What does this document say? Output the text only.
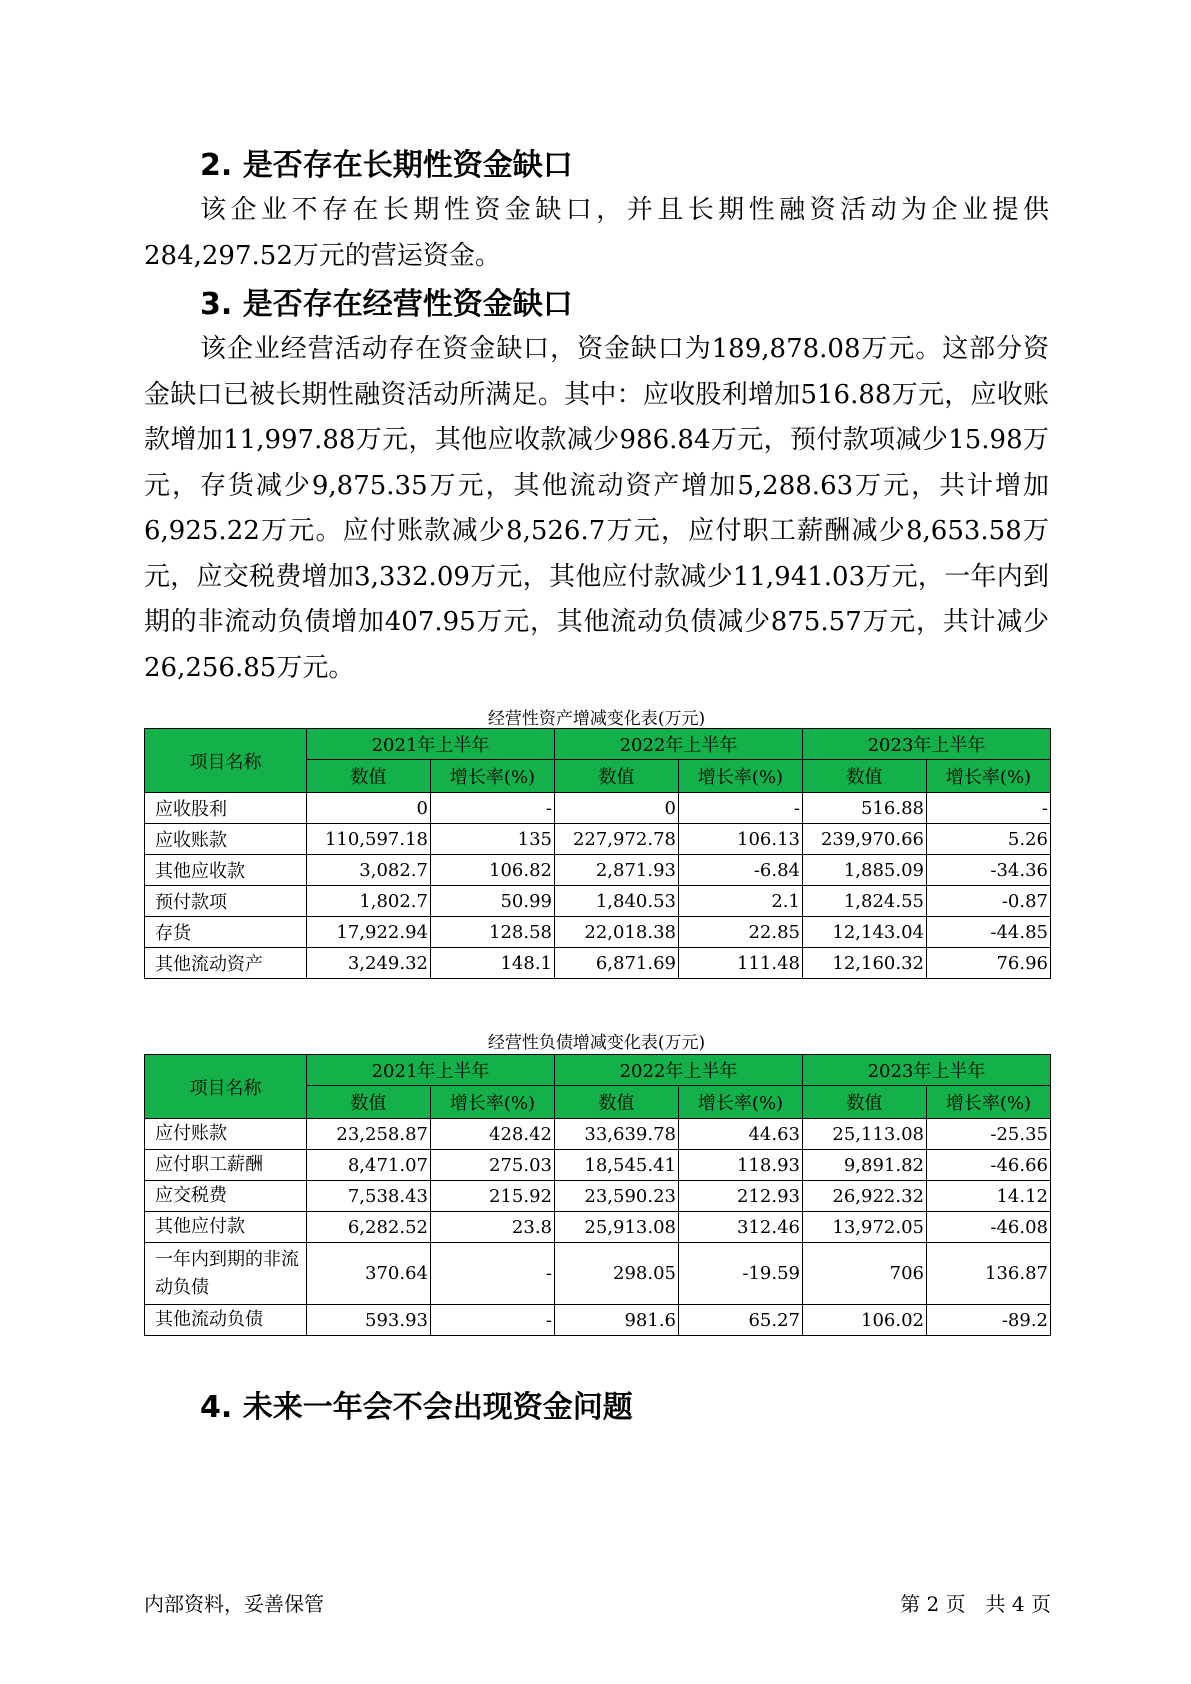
2. 是否存在长期性资金缺口

该企业不存在长期性资金缺口，并且长期性融资活动为企业提供284,297.52万元的营运资金。

3. 是否存在经营性资金缺口

该企业经营活动存在资金缺口，资金缺口为189,878.08万元。这部分资金缺口已被长期性融资活动所满足。其中：应收股利增加516.88万元，应收账款增加11,997.88万元，其他应收款减少986.84万元，预付款项减少15.98万元，存货减少9,875.35万元，其他流动资产增加5,288.63万元，共计增加6,925.22万元。应付账款减少8,526.7万元，应付职工薪酬减少8,653.58万元，应交税费增加3,332.09万元，其他应付款减少11,941.03万元，一年内到期的非流动负债增加407.95万元，其他流动负债减少875.57万元，共计减少26,256.85万元。

经营性资产增减变化表(万元)
项目名称	2021年上半年		2022年上半年		2023年上半年	
	数值	增长率(%)	数值	增长率(%)	数值	增长率(%)
应收股利	0	-	0	-	516.88	-
应收账款	110,597.18	135	227,972.78	106.13	239,970.66	5.26
其他应收款	3,082.7	106.82	2,871.93	-6.84	1,885.09	-34.36
预付款项	1,802.7	50.99	1,840.53	2.1	1,824.55	-0.87
存货	17,922.94	128.58	22,018.38	22.85	12,143.04	-44.85
其他流动资产	3,249.32	148.1	6,871.69	111.48	12,160.32	76.96
经营性负债增减变化表(万元)
项目名称	2021年上半年		2022年上半年		2023年上半年	
	数值	增长率(%)	数值	增长率(%)	数值	增长率(%)
应付账款	23,258.87	428.42	33,639.78	44.63	25,113.08	-25.35
应付职工薪酬	8,471.07	275.03	18,545.41	118.93	9,891.82	-46.66
应交税费	7,538.43	215.92	23,590.23	212.93	26,922.32	14.12
其他应付款	6,282.52	23.8	25,913.08	312.46	13,972.05	-46.08
一年内到期的非流动负债	370.64	-	298.05	-19.59	706	136.87
其他流动负债	593.93	-	981.6	65.27	106.02	-89.2
4. 未来一年会不会出现资金问题
内部资料，妥善保管	第 2 页　共 4 页
